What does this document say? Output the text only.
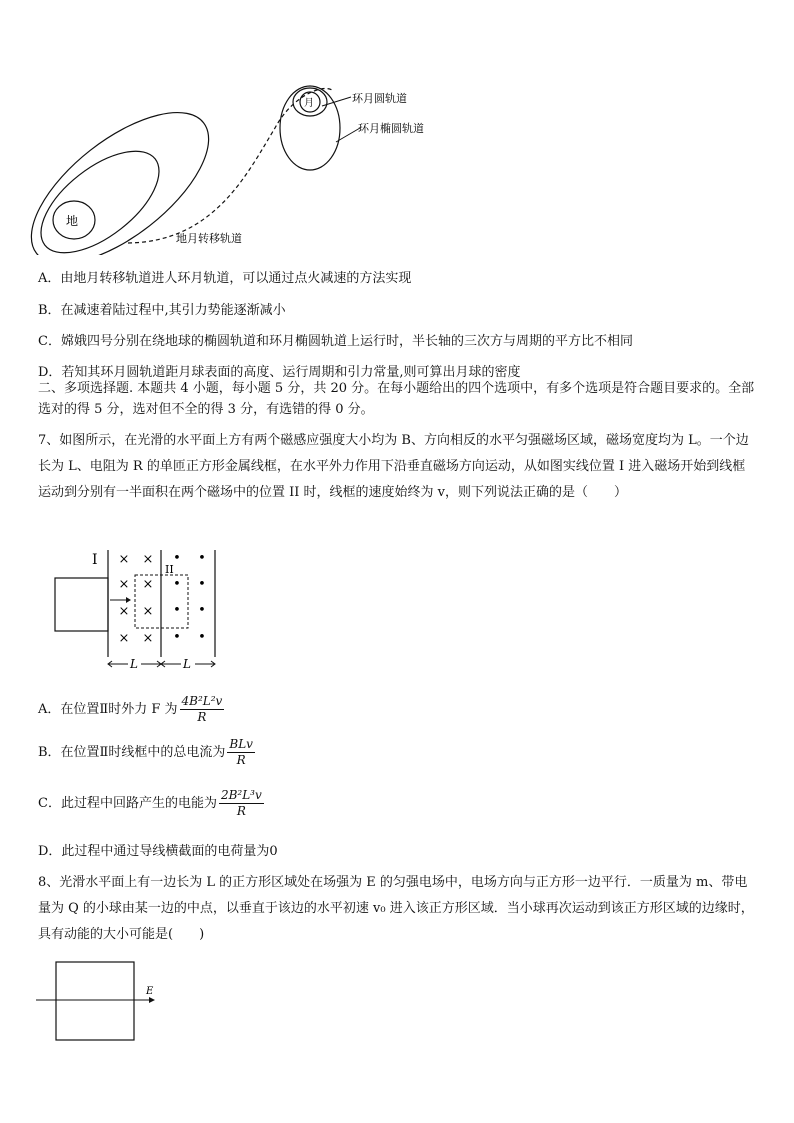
地
月	环月圆轨道
环月椭圆轨道
地月转移轨道
A．由地月转移轨道进人环月轨道，可以通过点火减速的方法实现
B．在减速着陆过程中,其引力势能逐渐减小
C．嫦娥四号分别在绕地球的椭圆轨道和环月椭圆轨道上运行时，半长轴的三次方与周期的平方比不相同
D．若知其环月圆轨道距月球表面的高度、运行周期和引力常量,则可算出月球的密度
二、多项选择题. 本题共 4 小题，每小题 5 分，共 20 分。在每小题给出的四个选项中，有多个选项是符合题目要求的。全部选对的得 5 分，选对但不全的得 3 分，有选错的得 0 分。
7、如图所示，在光滑的水平面上方有两个磁感应强度大小均为 B、方向相反的水平匀强磁场区域，磁场宽度均为 L。一个边长为 L、电阻为 R 的单匝正方形金属线框，在水平外力作用下沿垂直磁场方向运动，从如图实线位置 I 进入磁场开始到线框运动到分别有一半面积在两个磁场中的位置 II 时，线框的速度始终为 v，则下列说法正确的是（　　）
I
II
× ×
× ×
×
×
× ×
• •
• •
• •
• •
L	L
A．在位置Ⅱ时外力 F 为 $\frac{\text{4B²L²v}}{R}$
B．在位置Ⅱ时线框中的总电流为 $\frac{\text{BLv}}{R}$
C．此过程中回路产生的电能为 $\frac{\text{2B²L³v}}{R}$
D．此过程中通过导线横截面的电荷量为0
8、光滑水平面上有一边长为 L 的正方形区域处在场强为 E 的匀强电场中，电场方向与正方形一边平行．一质量为 m、带电量为 Q 的小球由某一边的中点，以垂直于该边的水平初速 v₀ 进入该正方形区域．当小球再次运动到该正方形区域的边缘时，具有动能的大小可能是(　　)
E
